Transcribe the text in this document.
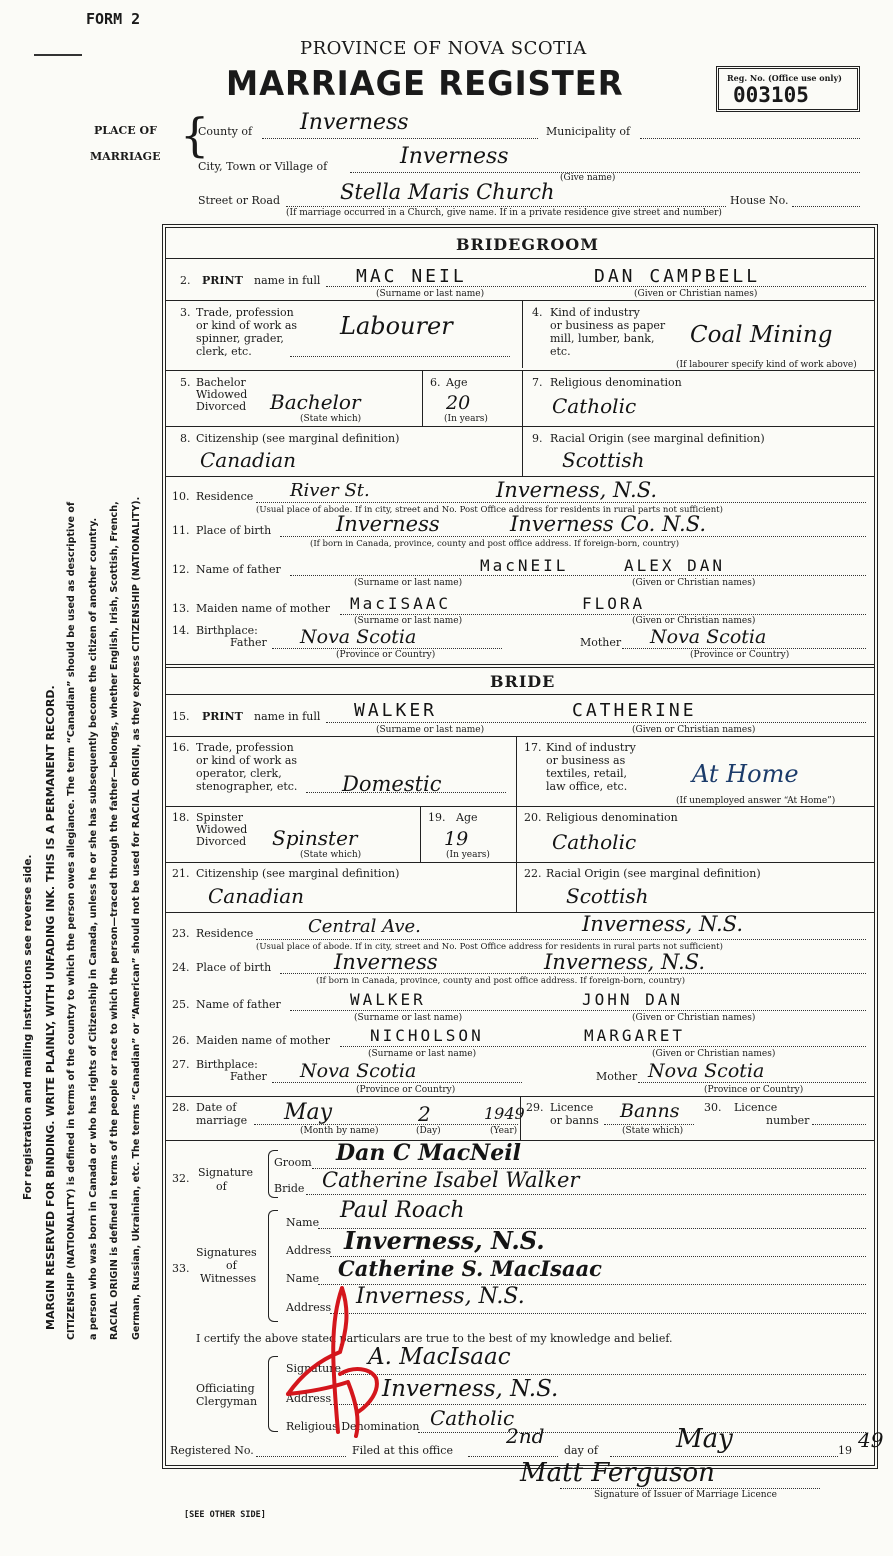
FORM 2
PROVINCE OF NOVA SCOTIA
MARRIAGE REGISTER	Reg. No. (Office use only)
003105
PLACE OF
MARRIAGE {
County of Inverness	Municipality of
City, Town or Village of	Inverness
(Give name)
Street or Road	Stella Maris Church	House No.
(If marriage occurred in a Church, give name. If in a private residence give street and number)
For registration and mailing instructions see reverse side. MARGIN RESERVED FOR BINDING. WRITE PLAINLY, WITH UNFADING INK. THIS IS A PERMANENT RECORD. CITIZENSHIP (NATIONALITY) is defined in terms of the country to which the person owes allegiance. The term “Canadian” should be used as descriptive of	a person who was born in Canada or who has rights of Citizenship in Canada, unless he or she has subsequently become the citizen of another country.	RACIAL ORIGIN is defined in terms of the people or race to which the person—traced through the father—belongs, whether English, Irish, Scottish, French,	German, Russian, Ukrainian, etc. The terms “Canadian” or “American” should not be used for RACIAL ORIGIN, as they express CITIZENSHIP (NATIONALITY).
BRIDEGROOM
2. PRINT name in full MAC NEIL	DAN CAMPBELL
(Surname or last name)	(Given or Christian names)
3. Trade, profession
or kind of work as
spinner, grader,
clerk, etc.
Labourer	4. Kind of industry
or business as paper
mill, lumber, bank,
etc.
Coal Mining
(If labourer specify kind of work above)
5. Bachelor
Widowed
Divorced Bachelor
(State which)
6. Age
20
(In years)
7. Religious denomination
Catholic
8. Citizenship (see marginal definition)
Canadian
9. Racial Origin (see marginal definition)
Scottish
10. Residence River St.	Inverness, N.S.
(Usual place of abode. If in city, street and No. Post Office address for residents in rural parts not sufficient)
11. Place of birth	Inverness	Inverness Co. N.S.
(If born in Canada, province, county and post office address. If foreign-born, country)
12. Name of father	MacNEIL	ALEX DAN
(Surname or last name)	(Given or Christian names)
13. Maiden name of mother MacISAAC	FLORA
(Surname or last name)	(Given or Christian names)
14. Birthplace:
Father Nova Scotia	Mother Nova Scotia
(Province or Country)	(Province or Country)
BRIDE
15. PRINT name in full WALKER	CATHERINE
(Surname or last name)	(Given or Christian names)
16. Trade, profession
or kind of work as
operator, clerk,
stenographer, etc. Domestic
17. Kind of industry
or business as
textiles, retail,
law office, etc.	At Home
(If unemployed answer “At Home”)
18. Spinster
Widowed
Divorced Spinster
(State which)
19. Age
19
(In years)
20. Religious denomination
Catholic
21. Citizenship (see marginal definition)
Canadian
22. Racial Origin (see marginal definition)
Scottish
23. Residence	Central Ave.	Inverness, N.S.
(Usual place of abode. If in city, street and No. Post Office address for residents in rural parts not sufficient)
24. Place of birth	Inverness	Inverness, N.S.
(If born in Canada, province, county and post office address. If foreign-born, country)
25. Name of father	WALKER	JOHN DAN
(Surname or last name)	(Given or Christian names)
26. Maiden name of mother NICHOLSON	MARGARET
(Surname or last name)	(Given or Christian names)
27. Birthplace:
Father Nova Scotia	Mother Nova Scotia
(Province or Country)	(Province or Country)
28. Date of
marriage May	2	1949
(Month by name)	(Day)	(Year)
29. Licence
or banns Banns
(State which)
30. Licence
number
32. Signature
of
Groom Dan C MacNeil
Bride Catherine Isabel Walker
33.
Signatures
of
Witnesses
Name Paul Roach
Address Inverness, N.S.
Name Catherine S. MacIsaac
Address Inverness, N.S.
I certify the above stated particulars are true to the best of my knowledge and belief.
Officiating
Clergyman
Signature A. MacIsaac
Address Inverness, N.S.
Religious Denomination Catholic
Registered No.	Filed at this office
2nd
day of	May	19 49
Matt Ferguson
Signature of Issuer of Marriage Licence
[SEE OTHER SIDE]
